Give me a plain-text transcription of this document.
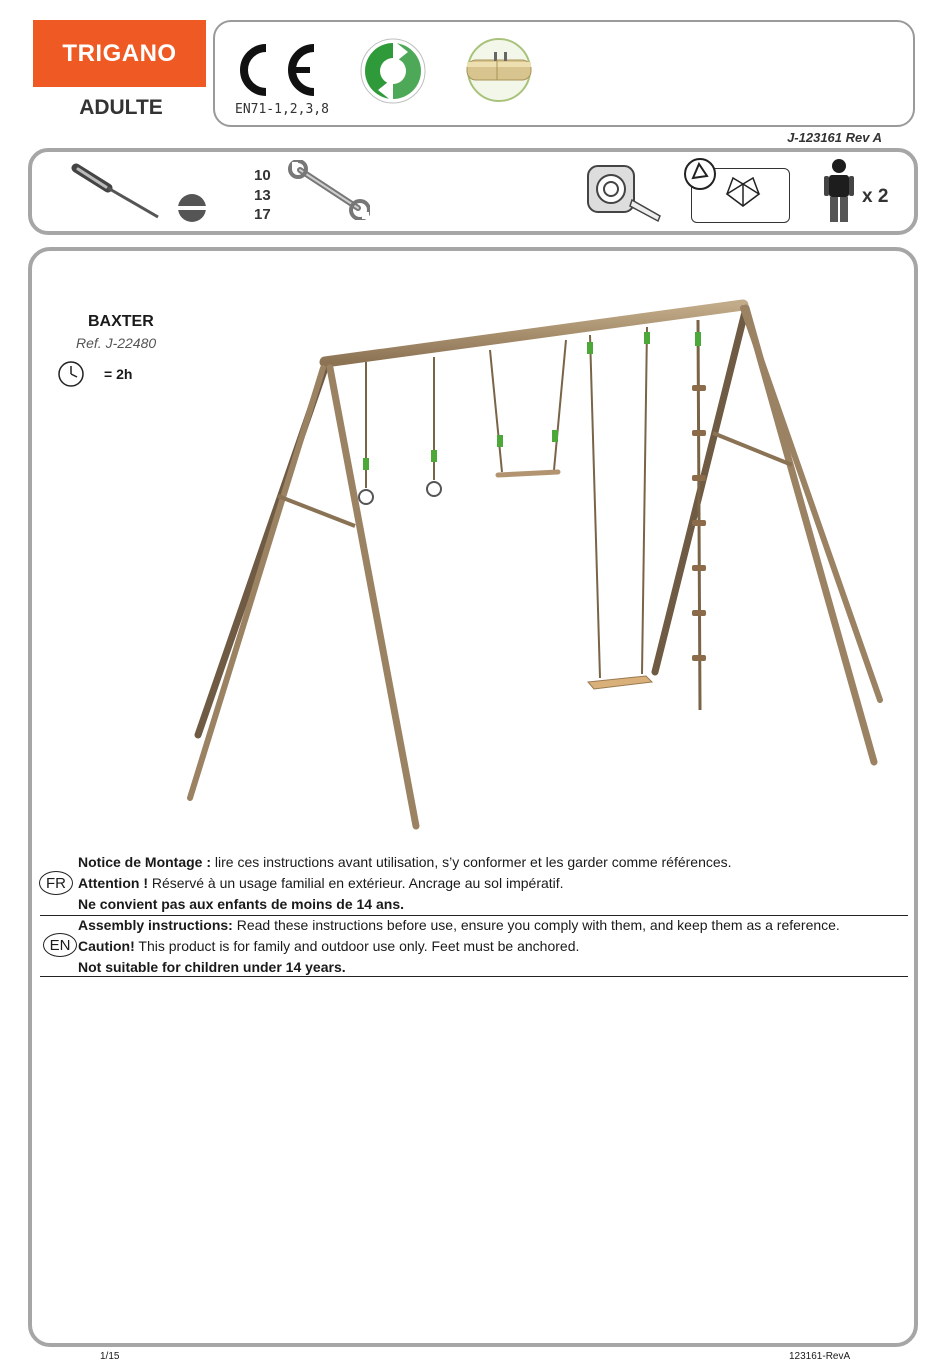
TRIGANO
ADULTE	EN71-1,2,3,8
J-123161 Rev A
10
13
17
x 2
BAXTER
Ref. J-22480
= 2h
FR
Notice de Montage : lire ces instructions avant utilisation, s’y conformer et les garder comme références.
Attention ! Réservé à un usage familial en extérieur. Ancrage au sol impératif.
Ne convient pas aux enfants de moins de 14 ans.
EN
Assembly instructions: Read these instructions before use, ensure you comply with them, and keep them as a reference.
Caution! This product is for family and outdoor use only. Feet must be anchored.
Not suitable for children under 14 years.
1/15	123161-RevA
